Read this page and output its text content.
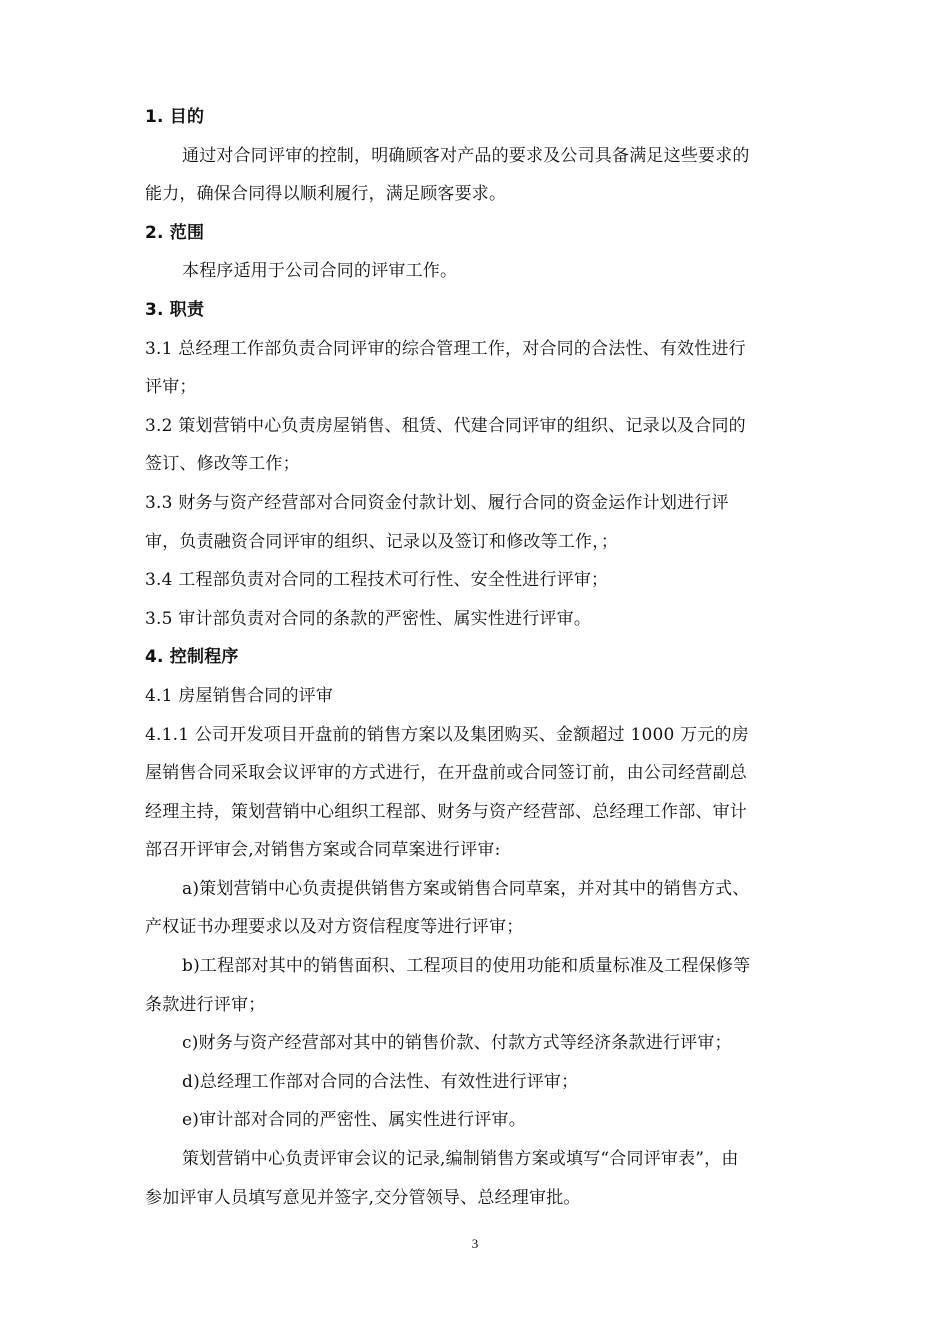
1. 目的

通过对合同评审的控制，明确顾客对产品的要求及公司具备满足这些要求的

能力，确保合同得以顺利履行，满足顾客要求。

2. 范围

本程序适用于公司合同的评审工作。

3. 职责

3.1 总经理工作部负责合同评审的综合管理工作，对合同的合法性、有效性进行

评审；

3.2 策划营销中心负责房屋销售、租赁、代建合同评审的组织、记录以及合同的

签订、修改等工作；

3.3 财务与资产经营部对合同资金付款计划、履行合同的资金运作计划进行评

审，负责融资合同评审的组织、记录以及签订和修改等工作，；

3.4 工程部负责对合同的工程技术可行性、安全性进行评审；

3.5 审计部负责对合同的条款的严密性、属实性进行评审。

4. 控制程序

4.1 房屋销售合同的评审

4.1.1 公司开发项目开盘前的销售方案以及集团购买、金额超过 1000 万元的房

屋销售合同采取会议评审的方式进行，在开盘前或合同签订前，由公司经营副总

经理主持，策划营销中心组织工程部、财务与资产经营部、总经理工作部、审计

部召开评审会,对销售方案或合同草案进行评审:

a)策划营销中心负责提供销售方案或销售合同草案，并对其中的销售方式、

产权证书办理要求以及对方资信程度等进行评审；

b)工程部对其中的销售面积、工程项目的使用功能和质量标准及工程保修等

条款进行评审；

c)财务与资产经营部对其中的销售价款、付款方式等经济条款进行评审；

d)总经理工作部对合同的合法性、有效性进行评审；

e)审计部对合同的严密性、属实性进行评审。

策划营销中心负责评审会议的记录,编制销售方案或填写“合同评审表”，由

参加评审人员填写意见并签字,交分管领导、总经理审批。

3
